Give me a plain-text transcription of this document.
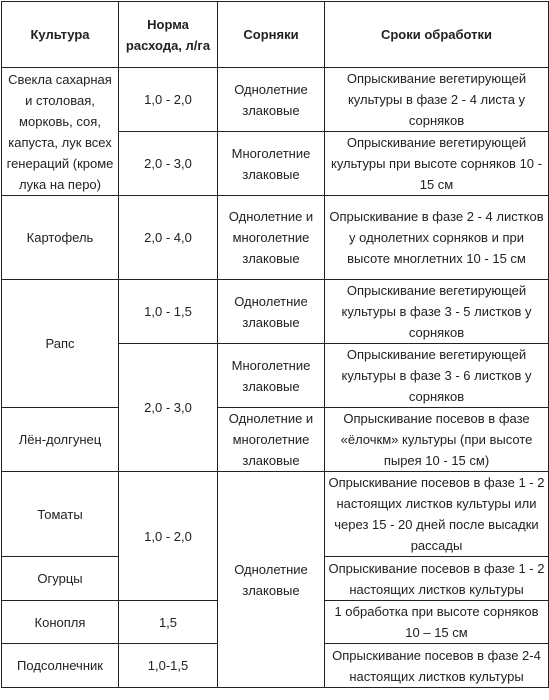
Культура	Норма расхода, л/га	Сорняки	Сроки обработки
Свекла сахарная и столовая, морковь, соя, капуста, лук всех генераций (кроме лука на перо)	1,0 - 2,0	Однолетние злаковые	Опрыскивание вегетирующей культуры в фазе 2 - 4 листа у сорняков
	2,0 - 3,0	Многолетние злаковые	Опрыскивание вегетирующей культуры при высоте сорняков 10 - 15 см
Картофель	2,0 - 4,0	Однолетние и многолетние злаковые	Опрыскивание в фазе 2 - 4 листков у однолетних сорняков и при высоте многлетних 10 - 15 см
Рапс	1,0 - 1,5	Однолетние злаковые	Опрыскивание вегетирующей культуры в фазе 3 - 5 листков у сорняков
	2,0 - 3,0	Многолетние злаковые	Опрыскивание вегетирующей культуры в фазе 3 - 6 листков у сорняков
Лён-долгунец		Однолетние и многолетние злаковые	Опрыскивание посевов в фазе «ёлочкм» культуры (при высоте пырея 10 - 15 см)
Томаты	1,0 - 2,0	Однолетние злаковые	Опрыскивание посевов в фазе 1 - 2 настоящих листков культуры или через 15 - 20 дней после высадки рассады
Огурцы			Опрыскивание посевов в фазе 1 - 2 настоящих листков культуры
Конопля	1,5		1 обработка при высоте сорняков 10 – 15 см
Подсолнечник	1,0-1,5		Опрыскивание посевов в фазе 2-4 настоящих листков культуры
